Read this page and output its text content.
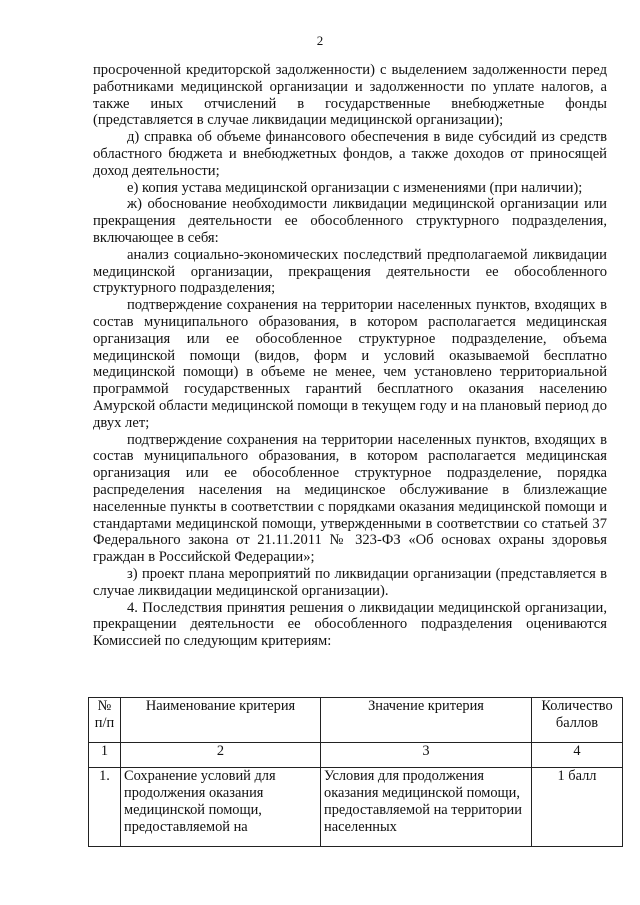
2

просроченной кредиторской задолженности) с выделением задолженности перед работниками медицинской организации и задолженности по уплате налогов, а также иных отчислений в государственные внебюджетные фонды (представляется в случае ликвидации медицинской организации);

д) справка об объеме финансового обеспечения в виде субсидий из средств областного бюджета и внебюджетных фондов, а также доходов от приносящей доход деятельности;

е) копия устава медицинской организации с изменениями (при наличии);

ж) обоснование необходимости ликвидации медицинской организации или прекращения деятельности ее обособленного структурного подразделения, включающее в себя:

анализ социально-экономических последствий предполагаемой ликвидации медицинской организации, прекращения деятельности ее обособленного структурного подразделения;

подтверждение сохранения на территории населенных пунктов, входящих в состав муниципального образования, в котором располагается медицинская организация или ее обособленное структурное подразделение, объема медицинской помощи (видов, форм и условий оказываемой бесплатно медицинской помощи) в объеме не менее, чем установлено территориальной программой государственных гарантий бесплатного оказания населению Амурской области медицинской помощи в текущем году и на плановый период до двух лет;

подтверждение сохранения на территории населенных пунктов, входящих в состав муниципального образования, в котором располагается медицинская организация или ее обособленное структурное подразделение, порядка распределения населения на медицинское обслуживание в близлежащие населенные пункты в соответствии с порядками оказания медицинской помощи и стандартами медицинской помощи, утвержденными в соответствии со статьей 37 Федерального закона от 21.11.2011 № 323-ФЗ «Об основах охраны здоровья граждан в Российской Федерации»;

з) проект плана мероприятий по ликвидации организации (представляется в случае ликвидации медицинской организации).

4. Последствия принятия решения о ликвидации медицинской организации, прекращении деятельности ее обособленного подразделения оцениваются Комиссией по следующим критериям:

№ п/п	Наименование критерия	Значение критерия	Количество баллов
1	2	3	4
1.	Сохранение условий для продолжения оказания медицинской помощи, предоставляемой на	Условия для продолжения оказания медицинской помощи, предоставляемой на территории населенных	1 балл
